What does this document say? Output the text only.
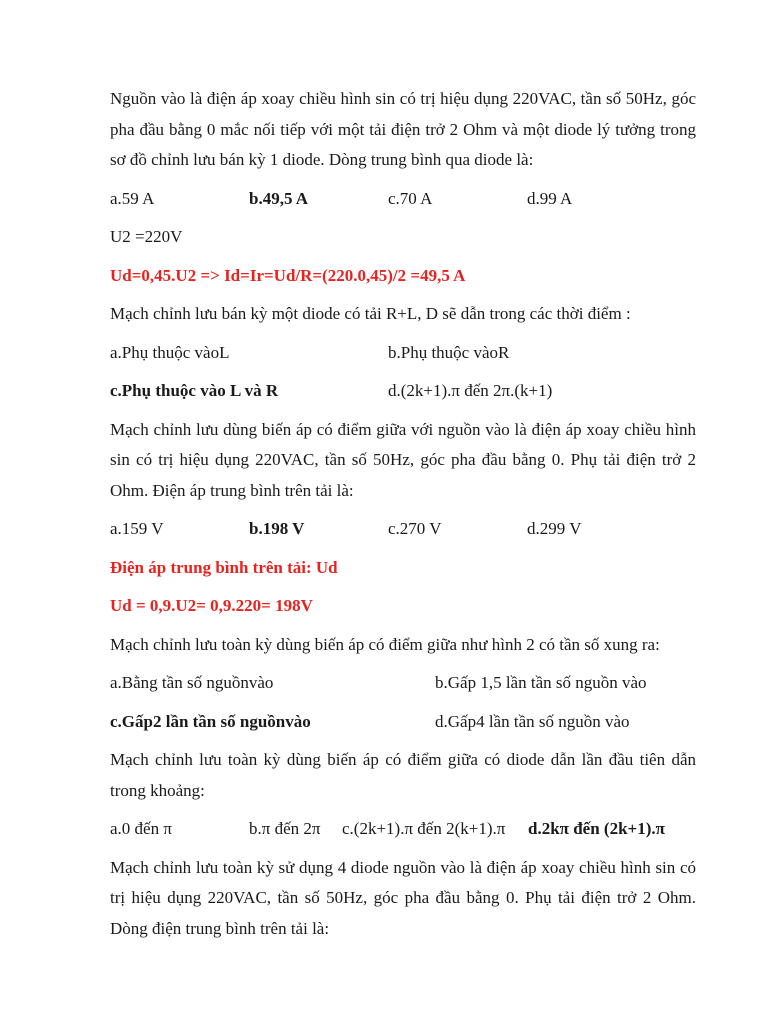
Nguồn vào là điện áp xoay chiều hình sin có trị hiệu dụng 220VAC, tần số 50Hz, góc pha đầu bằng 0 mắc nối tiếp với một tải điện trở 2 Ohm và một diode lý tưởng trong sơ đồ chỉnh lưu bán kỳ 1 diode. Dòng trung bình qua diode là:

a.59 A	b.49,5 A	c.70 A	d.99 A
U2 =220V
Ud=0,45.U2 => Id=Ir=Ud/R=(220.0,45)/2 =49,5 A

Mạch chỉnh lưu bán kỳ một diode có tải R+L, D sẽ dẫn trong các thời điểm :

a.Phụ thuộc vàoL	b.Phụ thuộc vàoR
c.Phụ thuộc vào L và R	d.(2k+1).π đến 2π.(k+1)

Mạch chỉnh lưu dùng biến áp có điểm giữa với nguồn vào là điện áp xoay chiều hình sin có trị hiệu dụng 220VAC, tần số 50Hz, góc pha đầu bằng 0. Phụ tải điện trở 2 Ohm. Điện áp trung bình trên tải là:

a.159 V	b.198 V	c.270 V	d.299 V
Điện áp trung bình trên tải: Ud
Ud = 0,9.U2= 0,9.220= 198V

Mạch chỉnh lưu toàn kỳ dùng biến áp có điểm giữa như hình 2 có tần số xung ra:

a.Bằng tần số nguồnvào	b.Gấp 1,5 lần tần số nguồn vào
c.Gấp2 lần tần số nguồnvào	d.Gấp4 lần tần số nguồn vào

Mạch chỉnh lưu toàn kỳ dùng biến áp có điểm giữa có diode dẫn lần đầu tiên dẫn trong khoảng:

a.0 đến π	b.π đến 2π c.(2k+1).π đến 2(k+1).π d.2kπ đến (2k+1).π

Mạch chỉnh lưu toàn kỳ sử dụng 4 diode nguồn vào là điện áp xoay chiều hình sin có trị hiệu dụng 220VAC, tần số 50Hz, góc pha đầu bằng 0. Phụ tải điện trở 2 Ohm. Dòng điện trung bình trên tải là:
